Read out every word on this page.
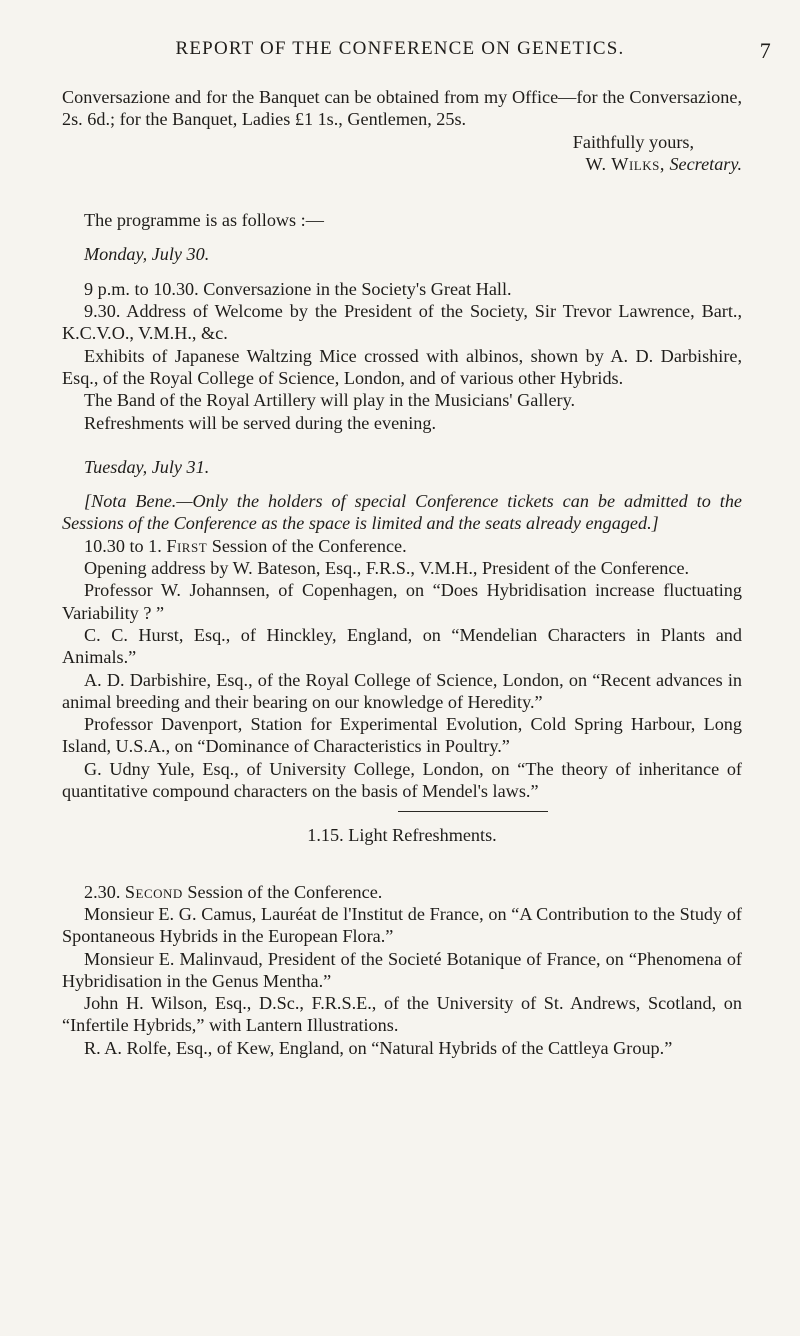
REPORT OF THE CONFERENCE ON GENETICS.	7

Conversazione and for the Banquet can be obtained from my Office—for the Conversazione, 2s. 6d.; for the Banquet, Ladies £1 1s., Gentlemen, 25s.

Faithfully yours,

W. Wilks, Secretary.

The programme is as follows :—

Monday, July 30.

9 p.m. to 10.30. Conversazione in the Society's Great Hall.

9.30. Address of Welcome by the President of the Society, Sir Trevor Lawrence, Bart., K.C.V.O., V.M.H., &c.

Exhibits of Japanese Waltzing Mice crossed with albinos, shown by A. D. Darbishire, Esq., of the Royal College of Science, London, and of various other Hybrids.

The Band of the Royal Artillery will play in the Musicians' Gallery.

Refreshments will be served during the evening.

Tuesday, July 31.

[Nota Bene.—Only the holders of special Conference tickets can be admitted to the Sessions of the Conference as the space is limited and the seats already engaged.]

10.30 to 1. First Session of the Conference.

Opening address by W. Bateson, Esq., F.R.S., V.M.H., President of the Conference.

Professor W. Johannsen, of Copenhagen, on “Does Hybridisation increase fluctuating Variability ? ”

C. C. Hurst, Esq., of Hinckley, England, on “Mendelian Characters in Plants and Animals.”

A. D. Darbishire, Esq., of the Royal College of Science, London, on “Recent advances in animal breeding and their bearing on our knowledge of Heredity.”

Professor Davenport, Station for Experimental Evolution, Cold Spring Harbour, Long Island, U.S.A., on “Dominance of Characteristics in Poultry.”

G. Udny Yule, Esq., of University College, London, on “The theory of inheritance of quantitative compound characters on the basis of Mendel's laws.”

1.15. Light Refreshments.

2.30. Second Session of the Conference.

Monsieur E. G. Camus, Lauréat de l'Institut de France, on “A Contribution to the Study of Spontaneous Hybrids in the European Flora.”

Monsieur E. Malinvaud, President of the Societé Botanique of France, on “Phenomena of Hybridisation in the Genus Mentha.”

John H. Wilson, Esq., D.Sc., F.R.S.E., of the University of St. Andrews, Scotland, on “Infertile Hybrids,” with Lantern Illustrations.

R. A. Rolfe, Esq., of Kew, England, on “Natural Hybrids of the Cattleya Group.”
